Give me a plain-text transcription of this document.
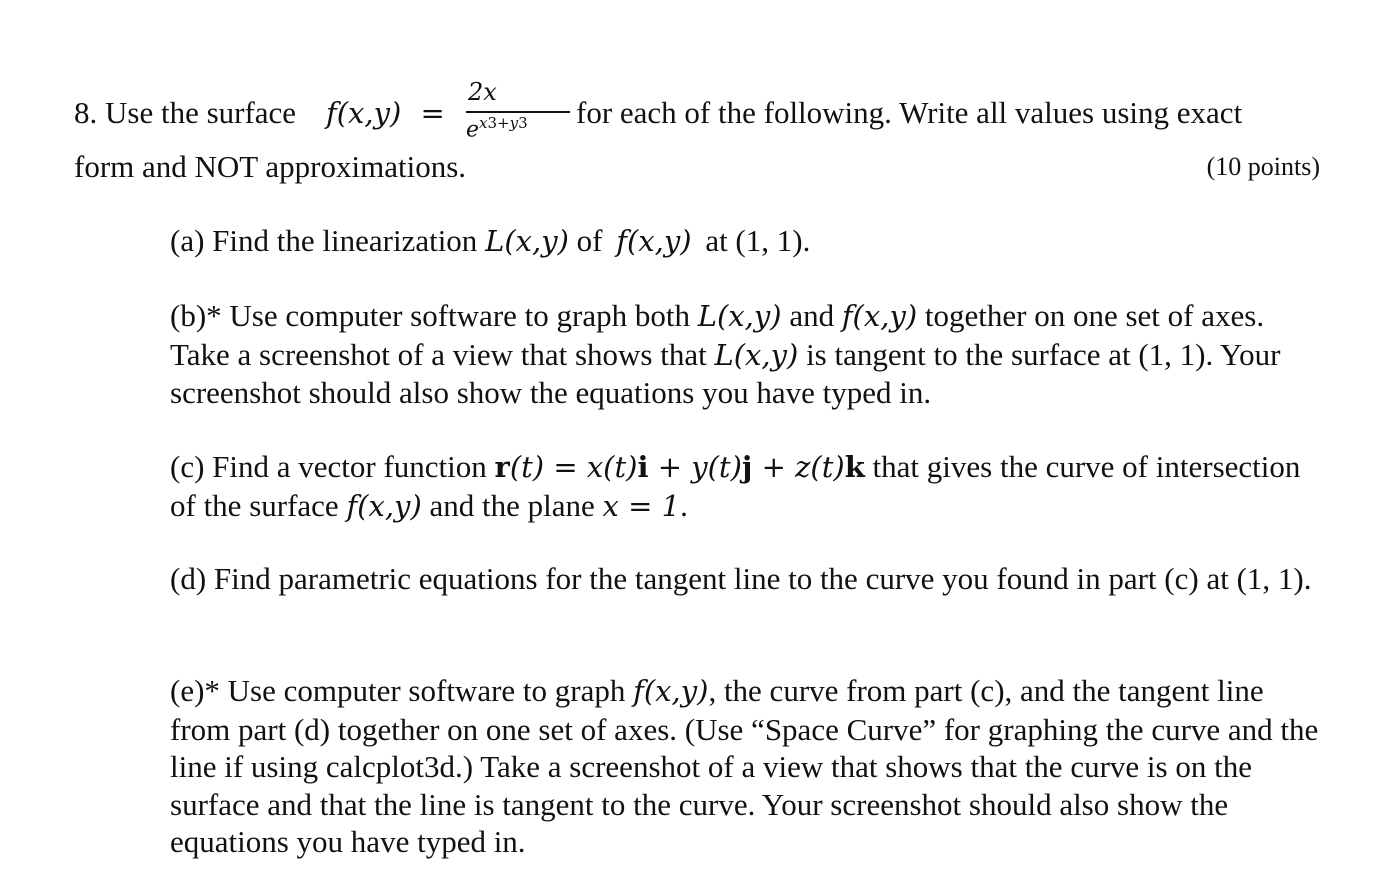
8. Use the surface f(x,y) =
2x
$e^{x3+y3}$ for each of the following. Write all values using exact
form and NOT approximations.	(10 points)
(a) Find the linearization L(x,y) of f(x,y) at (1, 1).
(b)* Use computer software to graph both L(x,y) and f(x,y) together on one set of axes. Take a screenshot of a view that shows that L(x,y) is tangent to the surface at (1, 1). Your screenshot should also show the equations you have typed in.
(c) Find a vector function r(t) = x(t)i + y(t)j + z(t)k that gives the curve of intersection of the surface f(x,y) and the plane x = 1.
(d) Find parametric equations for the tangent line to the curve you found in part (c) at (1, 1).
(e)* Use computer software to graph f(x,y), the curve from part (c), and the tangent line from part (d) together on one set of axes. (Use “Space Curve” for graphing the curve and the line if using calcplot3d.) Take a screenshot of a view that shows that the curve is on the surface and that the line is tangent to the curve. Your screenshot should also show the equations you have typed in.
